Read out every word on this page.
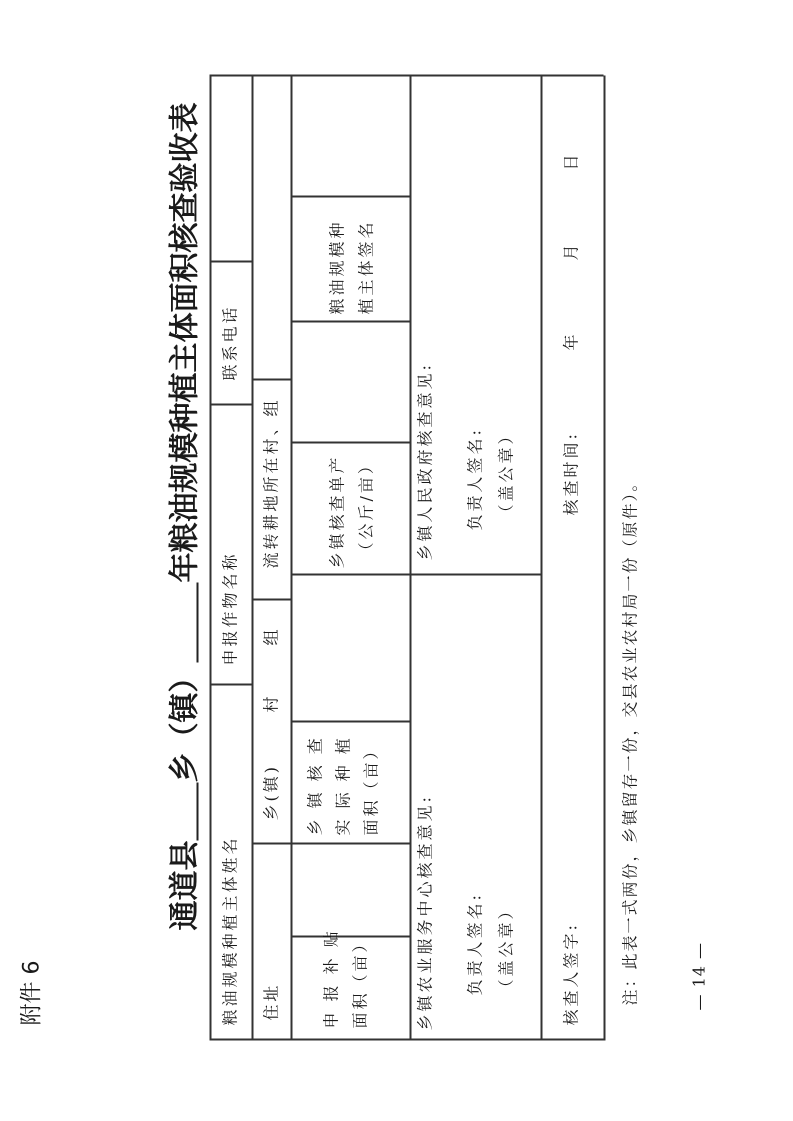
附件 6
通道县乡（镇）年粮油规模种植主体面积核查验收表
粮油规模种植主体姓名
申报作物名称
联系电话
住址
乡(镇)
村
组
流转耕地所在村、组
申 报 补 贴 面积（亩）
乡 镇 核 查 实 际 种 植 面积（亩）
乡镇核查单产 （公斤/亩）
粮油规模种 植主体签名
乡镇农业服务中心核查意见: 负责人签名: （盖公章）
乡镇人民政府核查意见: 负责人签名: （盖公章）
核查人签字:
核查时间:
年
月
日
注：此表一式两份，乡镇留存一份，交县农业农村局一份（原件）。	— 14 —
